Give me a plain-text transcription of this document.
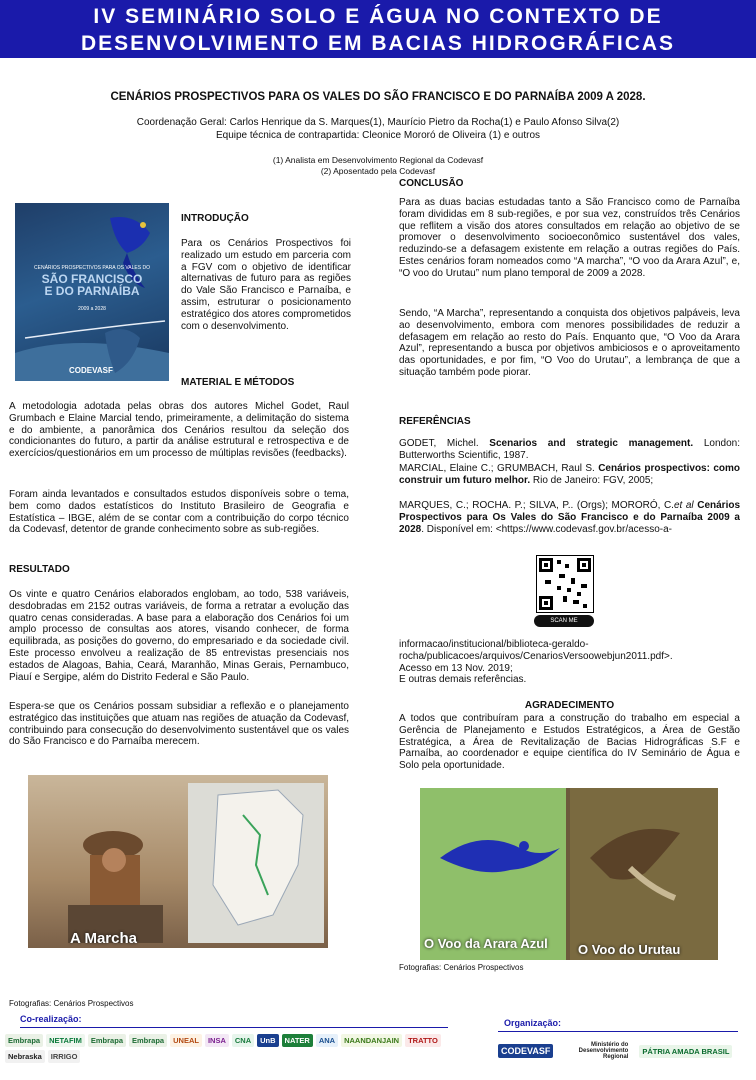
IV SEMINÁRIO SOLO E ÁGUA NO CONTEXTO DE
DESENVOLVIMENTO EM BACIAS HIDROGRÁFICAS
CENÁRIOS PROSPECTIVOS PARA OS VALES DO SÃO FRANCISCO E DO PARNAÍBA 2009 A 2028.
Coordenação Geral: Carlos Henrique da S. Marques(1), Maurício Pietro da Rocha(1) e Paulo Afonso Silva(2)
Equipe técnica de contrapartida: Cleonice Mororó de Oliveira (1) e outros
(1) Analista em Desenvolvimento Regional da Codevasf
(2) Aposentado pela Codevasf
CENÁRIOS PROSPECTIVOS PARA OS VALES DO
SÃO FRANCISCO
E DO PARNAÍBA
2009 a 2028
CODEVASF
INTRODUÇÃO

Para os Cenários Prospectivos foi realizado um estudo em parceria com a FGV com o objetivo de identificar alternativas de futuro para as regiões do Vale São Francisco e Parnaíba, e assim, estruturar o posicionamento estratégico dos atores comprometidos com o desenvolvimento.

MATERIAL E MÉTODOS

A metodologia adotada pelas obras dos autores Michel Godet, Raul Grumbach e Elaine Marcial tendo, primeiramente, a delimitação do sistema e do ambiente, a panorâmica dos Cenários resultou da seleção dos condicionantes do futuro, a partir da análise estrutural e retrospectiva e de exercícios/questionários em um processo de múltiplas revisões (feedbacks).

Foram ainda levantados e consultados estudos disponíveis sobre o tema, bem como dados estatísticos do Instituto Brasileiro de Geografia e Estatística – IBGE, além de se contar com a contribuição do corpo técnico da Codevasf, detentor de grande conhecimento sobre as sub-regiões.

RESULTADO

Os vinte e quatro Cenários elaborados englobam, ao todo, 538 variáveis, desdobradas em 2152 outras variáveis, de forma a retratar a evolução das quatro cenas consideradas. A base para a elaboração dos Cenários foi um amplo processo de consultas aos atores, visando conhecer, de forma equilibrada, as posições do governo, do empresariado e da sociedade civil. Este processo envolveu a realização de 85 entrevistas presenciais nos estados de Alagoas, Bahia, Ceará, Maranhão, Minas Gerais, Pernambuco, Piauí e Sergipe, além do Distrito Federal e São Paulo.

Espera-se que os Cenários possam subsidiar a reflexão e o planejamento estratégico das instituições que atuam nas regiões de atuação da Codevasf, contribuindo para consecução do desenvolvimento sustentável que os vales do São Francisco e do Parnaíba merecem.

A Marcha
CONCLUSÃO

Para as duas bacias estudadas tanto a São Francisco como de Parnaíba foram divididas em 8 sub-regiões, e por sua vez, construídos três Cenários que reflitem a visão dos atores consultados em relação ao objetivo de se promover o desenvolvimento socioeconômico sustentável dos vales, reduzindo-se a defasagem existente em relação a outras regiões do País. Estes cenários foram nomeados como “A marcha”, “O voo da Arara Azul”, e, “O voo do Urutau” num plano temporal de 2009 a 2028.

Sendo, “A Marcha”, representando a conquista dos objetivos palpáveis, leva ao desenvolvimento, embora com menores possibilidades de reduzir a defasagem em relação ao resto do País. Enquanto que, “O Voo da Arara Azul”, representando a busca por objetivos ambiciosos e o aproveitamento das oportunidades, e por fim, “O Voo do Urutau”, a lembrança de que a situação também pode piorar.

REFERÊNCIAS

GODET, Michel. Scenarios and strategic management. London: Butterworths Scientific, 1987.

MARCIAL, Elaine C.; GRUMBACH, Raul S. Cenários prospectivos: como construir um futuro melhor. Rio de Janeiro: FGV, 2005;

MARQUES, C.; ROCHA. P.; SILVA, P.. (Orgs); MORORÓ, C.et al Cenários Prospectivos para Os Vales do São Francisco e do Parnaíba 2009 a 2028. Disponível em: <https://www.codevasf.gov.br/acesso-a-

SCAN ME

informacao/institucional/biblioteca-geraldo-rocha/publicacoes/arquivos/CenariosVersoowebjun2011.pdf>.
Acesso em 13 Nov. 2019;
E outras demais referências.

AGRADECIMENTO

A todos que contribuíram para a construção do trabalho em especial a Gerência de Planejamento e Estudos Estratégicos, a Área de Gestão Estratégica, a Área de Revitalização de Bacias Hidrográficas S.F e Parnaíba, ao coordenador e equipe científica do IV Seminário de Água e Solo pela oportunidade.

O Voo da Arara Azul O Voo do Urutau
Fotografias: Cenários Prospectivos
Fotografias: Cenários Prospectivos
Co-realização:	Organização:
Embrapa	NETAFIM	Embrapa	Embrapa	UNEAL	INSA	CNA	UnB	NATER	ANA	NAANDANJAIN	TRATTO
Nebraska	IRRIGO
CODEVASF
Ministério do Desenvolvimento Regional
PÁTRIA AMADA BRASIL
